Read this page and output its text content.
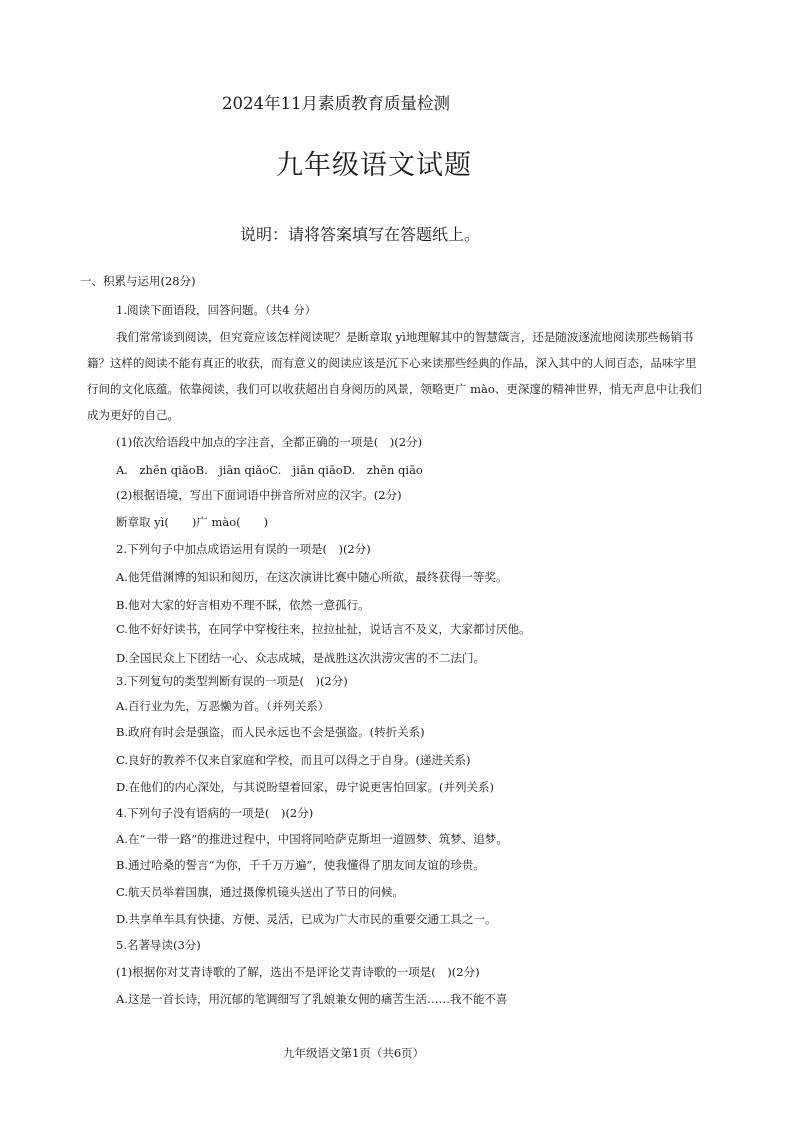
2024年11月素质教育质量检测
九年级语文试题
说明：请将答案填写在答题纸上。
一、积累与运用(28分)
1.阅读下面语段，回答问题。（共4 分）
我们常常谈到阅读，但究竟应该怎样阅读呢？是断章取 yì地理解其中的智慧箴言，还是随波逐流地阅读那些畅销书
籍？这样的阅读不能有真正的收获，而有意义的阅读应该是沉下心来读那些经典的作品，深入其中的人间百态，品味字里
行间的文化底蕴。依靠阅读，我们可以收获超出自身阅历的风景，领略更广 mào、更深邃的精神世界，悄无声息中让我们
成为更好的自己。
(1)依次给语段中加点的字注音，全都正确的一项是(　)(2分)
A.　zhēn qiǎoB.　jiān qiǎoC.　jiān qiāoD.　zhēn qiāo
(2)根据语境，写出下面词语中拼音所对应的汉字。(2分)
断章取 yì(　　)广 mào(　　)
2.下列句子中加点成语运用有误的一项是(　)(2分)
A.他凭借渊博的知识和阅历，在这次演讲比赛中随心所欲，最终获得一等奖。
B.他对大家的好言相劝不理不睬，依然一意孤行。
C.他不好好读书，在同学中穿梭往来，拉拉扯扯，说话言不及义，大家都讨厌他。
D.全国民众上下团结一心、众志成城，是战胜这次洪涝灾害的不二法门。
3.下列复句的类型判断有误的一项是(　)(2分)
A.百行业为先，万恶懒为首。（并列关系）
B.政府有时会是强盗，而人民永远也不会是强盗。(转折关系)
C.良好的教养不仅来自家庭和学校，而且可以得之于自身。(递进关系)
D.在他们的内心深处，与其说盼望着回家，毋宁说更害怕回家。(并列关系)
4.下列句子没有语病的一项是(　)(2分)
A.在“一带一路”的推进过程中，中国将同哈萨克斯坦一道圆梦、筑梦、追梦。
B.通过哈桑的誓言“为你，千千万万遍”，使我懂得了朋友间友谊的珍贵。
C.航天员举着国旗，通过摄像机镜头送出了节日的问候。
D.共享单车具有快捷、方便、灵活，已成为广大市民的重要交通工具之一。
5.名著导读(3分)
(1)根据你对艾青诗歌的了解，选出不是评论艾青诗歌的一项是(　)(2分)
A.这是一首长诗，用沉郁的笔调细写了乳娘兼女佣的痛苦生活……我不能不喜
九年级语文第1页（共6页）
